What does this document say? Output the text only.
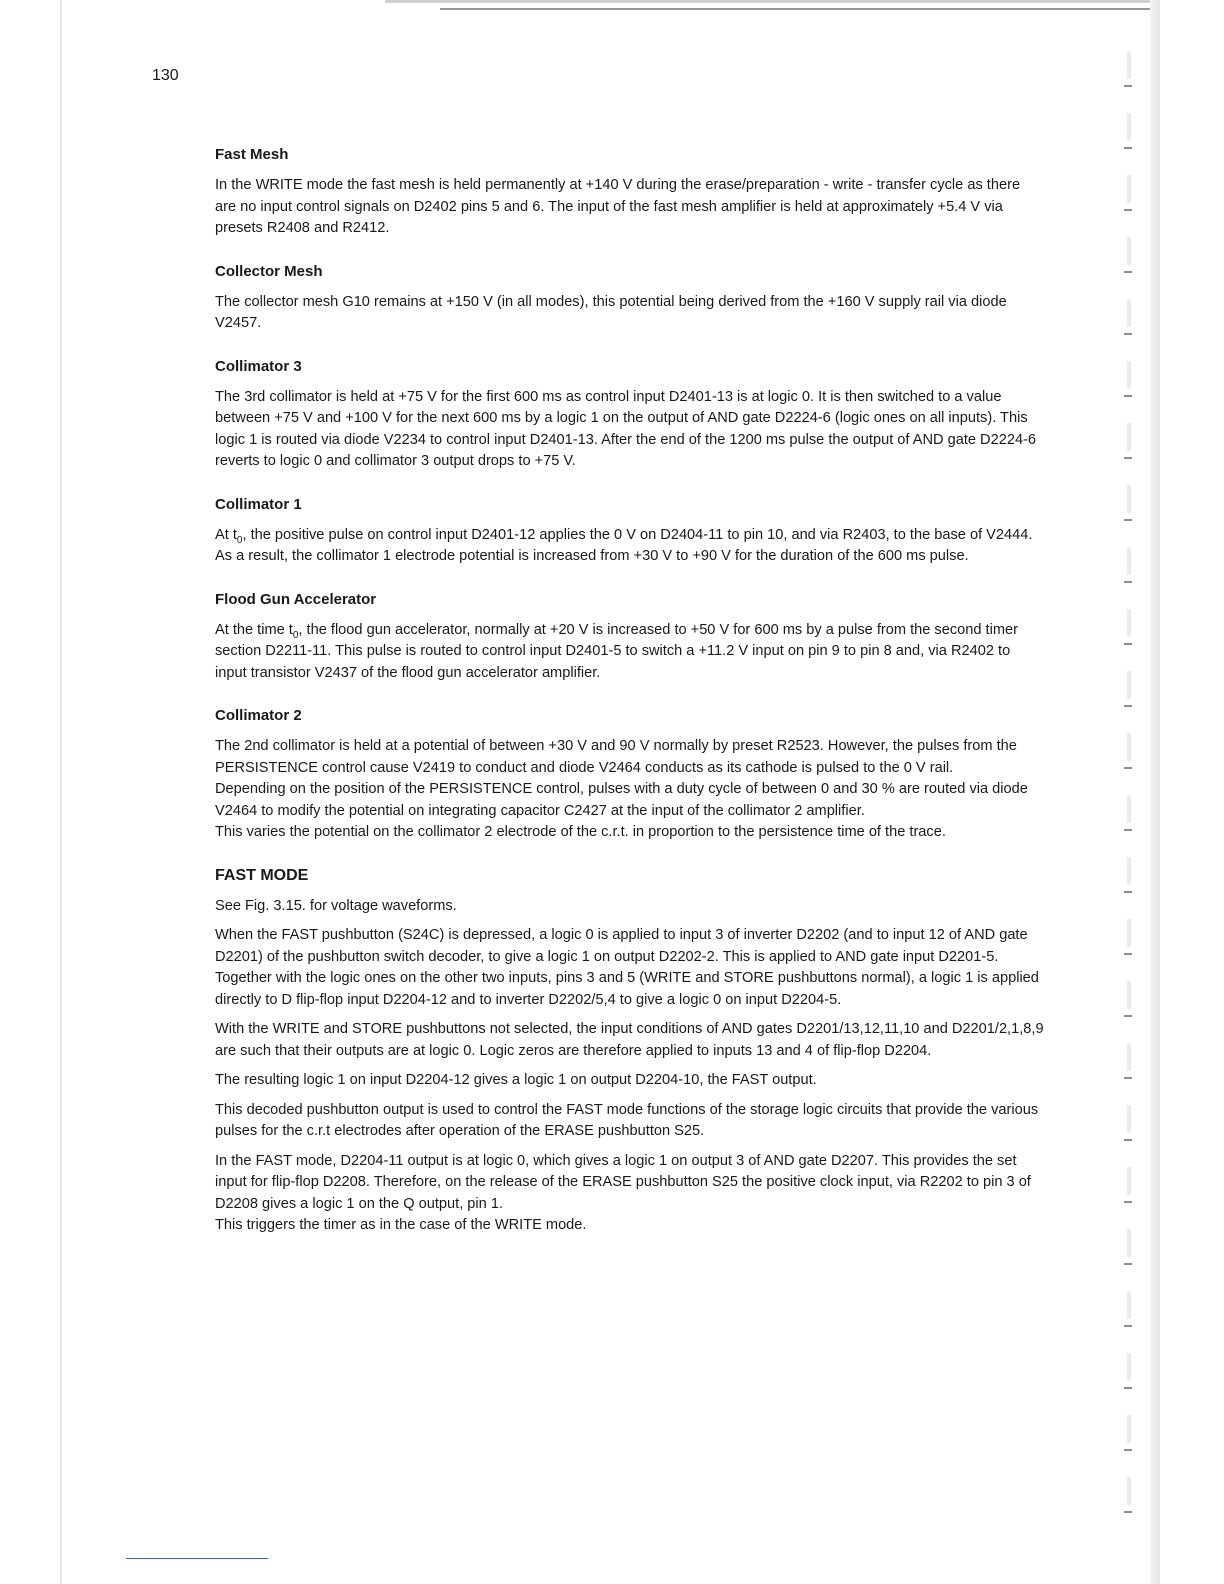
130
Fast Mesh

In the WRITE mode the fast mesh is held permanently at +140 V during the erase/preparation - write - transfer cycle as there are no input control signals on D2402 pins 5 and 6. The input of the fast mesh amplifier is held at approximately +5.4 V via presets R2408 and R2412.

Collector Mesh

The collector mesh G10 remains at +150 V (in all modes), this potential being derived from the +160 V supply rail via diode V2457.

Collimator 3

The 3rd collimator is held at +75 V for the first 600 ms as control input D2401-13 is at logic 0. It is then switched to a value between +75 V and +100 V for the next 600 ms by a logic 1 on the output of AND gate D2224-6 (logic ones on all inputs). This logic 1 is routed via diode V2234 to control input D2401-13. After the end of the 1200 ms pulse the output of AND gate D2224-6 reverts to logic 0 and collimator 3 output drops to +75 V.

Collimator 1

At $t_0$, the positive pulse on control input D2401-12 applies the 0 V on D2404-11 to pin 10, and via R2403, to the base of V2444. As a result, the collimator 1 electrode potential is increased from +30 V to +90 V for the duration of the 600 ms pulse.

Flood Gun Accelerator

At the time $t_0$, the flood gun accelerator, normally at +20 V is increased to +50 V for 600 ms by a pulse from the second timer section D2211-11. This pulse is routed to control input D2401-5 to switch a +11.2 V input on pin 9 to pin 8 and, via R2402 to input transistor V2437 of the flood gun accelerator amplifier.

Collimator 2

The 2nd collimator is held at a potential of between +30 V and 90 V normally by preset R2523. However, the pulses from the PERSISTENCE control cause V2419 to conduct and diode V2464 conducts as its cathode is pulsed to the 0 V rail.

Depending on the position of the PERSISTENCE control, pulses with a duty cycle of between 0 and 30 % are routed via diode V2464 to modify the potential on integrating capacitor C2427 at the input of the collimator 2 amplifier.

This varies the potential on the collimator 2 electrode of the c.r.t. in proportion to the persistence time of the trace.

FAST MODE

See Fig. 3.15. for voltage waveforms.

When the FAST pushbutton (S24C) is depressed, a logic 0 is applied to input 3 of inverter D2202 (and to input 12 of AND gate D2201) of the pushbutton switch decoder, to give a logic 1 on output D2202-2. This is applied to AND gate input D2201-5. Together with the logic ones on the other two inputs, pins 3 and 5 (WRITE and STORE pushbuttons normal), a logic 1 is applied directly to D flip-flop input D2204-12 and to inverter D2202/5,4 to give a logic 0 on input D2204-5.

With the WRITE and STORE pushbuttons not selected, the input conditions of AND gates D2201/13,12,11,10 and D2201/2,1,8,9 are such that their outputs are at logic 0. Logic zeros are therefore applied to inputs 13 and 4 of flip-flop D2204.

The resulting logic 1 on input D2204-12 gives a logic 1 on output D2204-10, the FAST output.

This decoded pushbutton output is used to control the FAST mode functions of the storage logic circuits that provide the various pulses for the c.r.t electrodes after operation of the ERASE pushbutton S25.

In the FAST mode, D2204-11 output is at logic 0, which gives a logic 1 on output 3 of AND gate D2207. This provides the set input for flip-flop D2208. Therefore, on the release of the ERASE pushbutton S25 the positive clock input, via R2202 to pin 3 of D2208 gives a logic 1 on the Q output, pin 1.

This triggers the timer as in the case of the WRITE mode.
